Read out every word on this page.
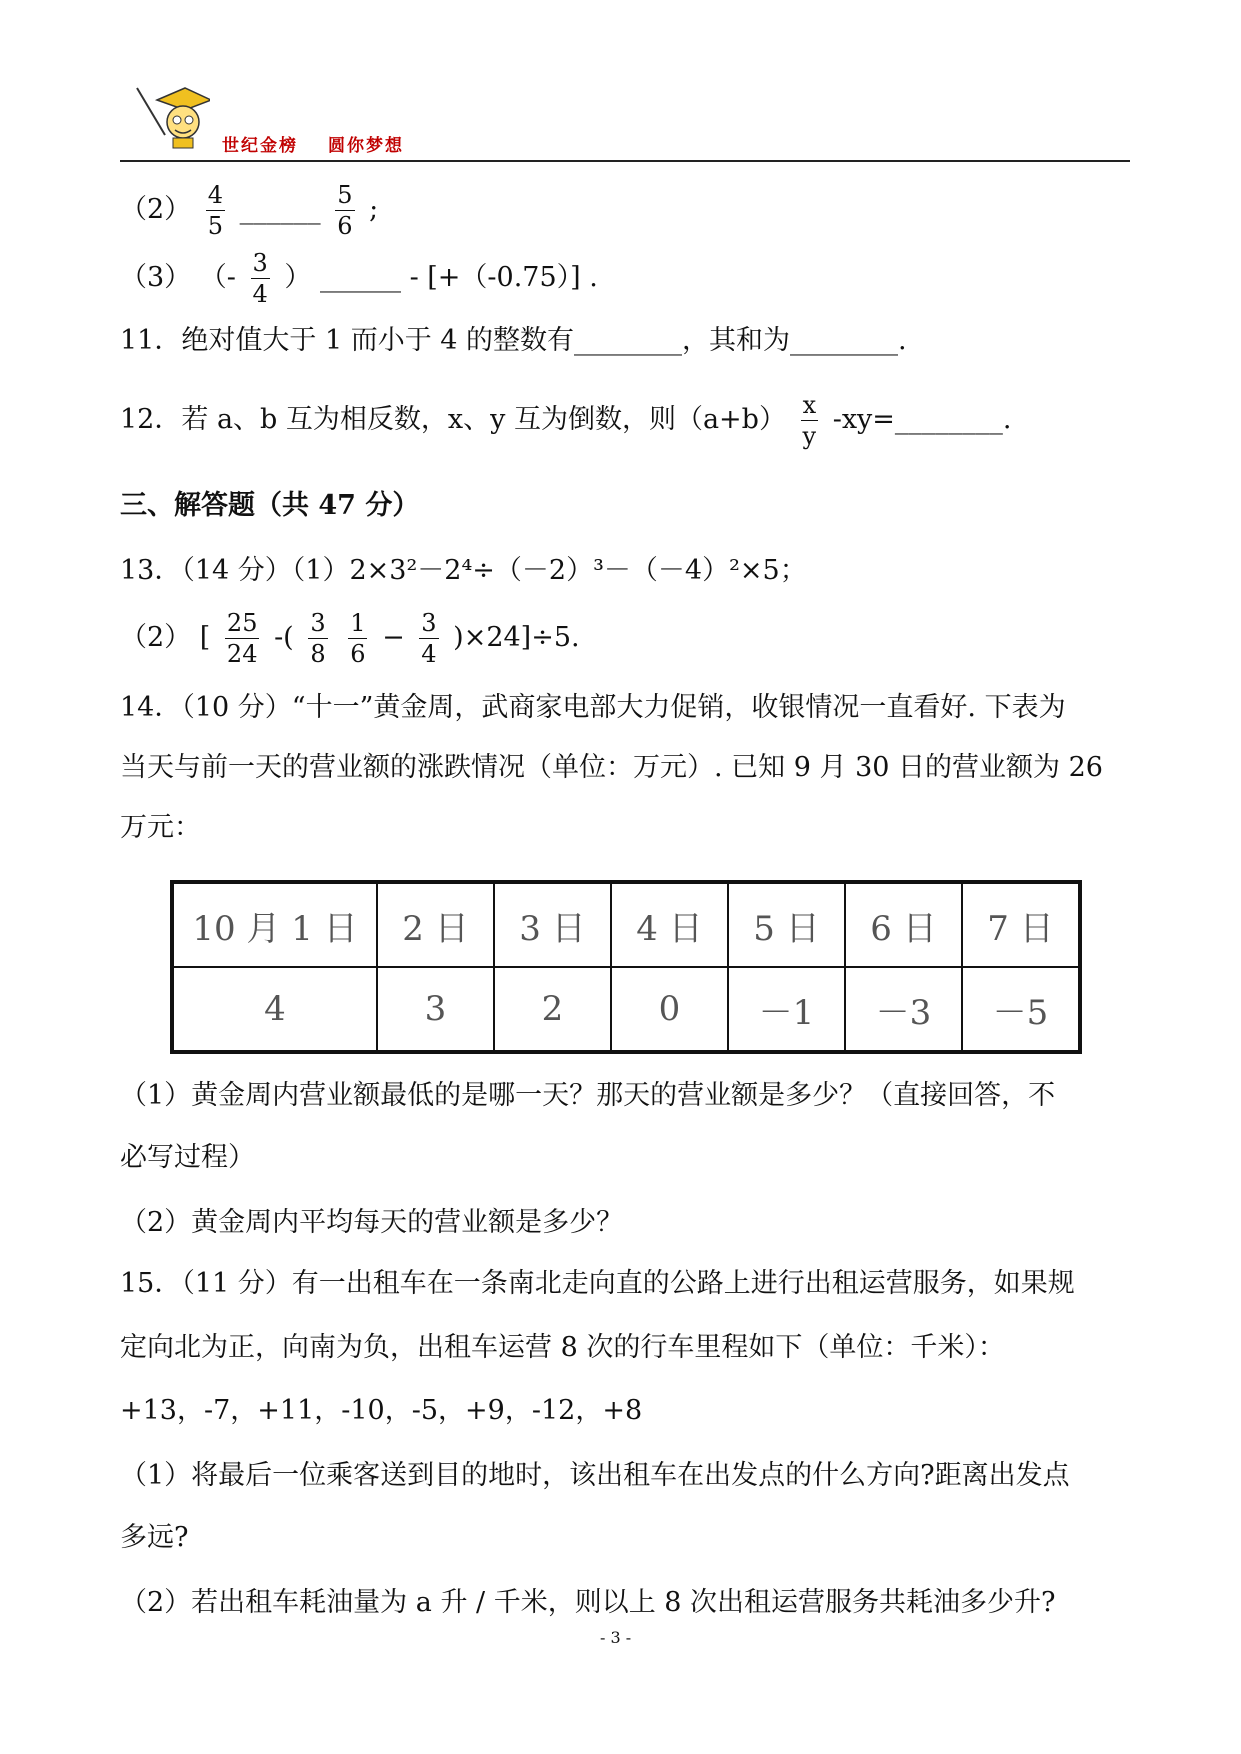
世纪金榜 圆你梦想
$(2) \frac{4}{5}$ ______ $\frac{5}{6}$ ;
（3） （- $\frac{3}{4}$ ） ______ - [+（-0.75）] .
11．绝对值大于 1 而小于 4 的整数有________，其和为________.
12．若 a、b 互为相反数，x、y 互为倒数，则$(a+b) \frac{x}{y}$ -xy=________.
三、解答题（共 47 分）
13．（14 分）（1）2×3²－2⁴÷（－2）³－（－4）²×5；
（2） [ $\frac{25}{24}$ -( $\frac{3}{8}$
$\frac{1}{6} - \frac{3}{4} )\times 24]\div 5$.
14．（10 分）“十一”黄金周，武商家电部大力促销，收银情况一直看好. 下表为
当天与前一天的营业额的涨跌情况（单位：万元）. 已知 9 月 30 日的营业额为 26
万元：
10 月 1 日	2 日	3 日	4 日	5 日	6 日	7 日
4	3	2	0	－1	－3	－5
（1）黄金周内营业额最低的是哪一天？那天的营业额是多少？（直接回答，不
必写过程）
（2）黄金周内平均每天的营业额是多少？
15．（11 分）有一出租车在一条南北走向直的公路上进行出租运营服务，如果规
定向北为正，向南为负，出租车运营 8 次的行车里程如下（单位：千米）：
+13，-7，+11，-10，-5，+9，-12，+8
（1）将最后一位乘客送到目的地时，该出租车在出发点的什么方向?距离出发点
多远?
（2）若出租车耗油量为 a 升 / 千米，则以上 8 次出租运营服务共耗油多少升?
- 3 -
